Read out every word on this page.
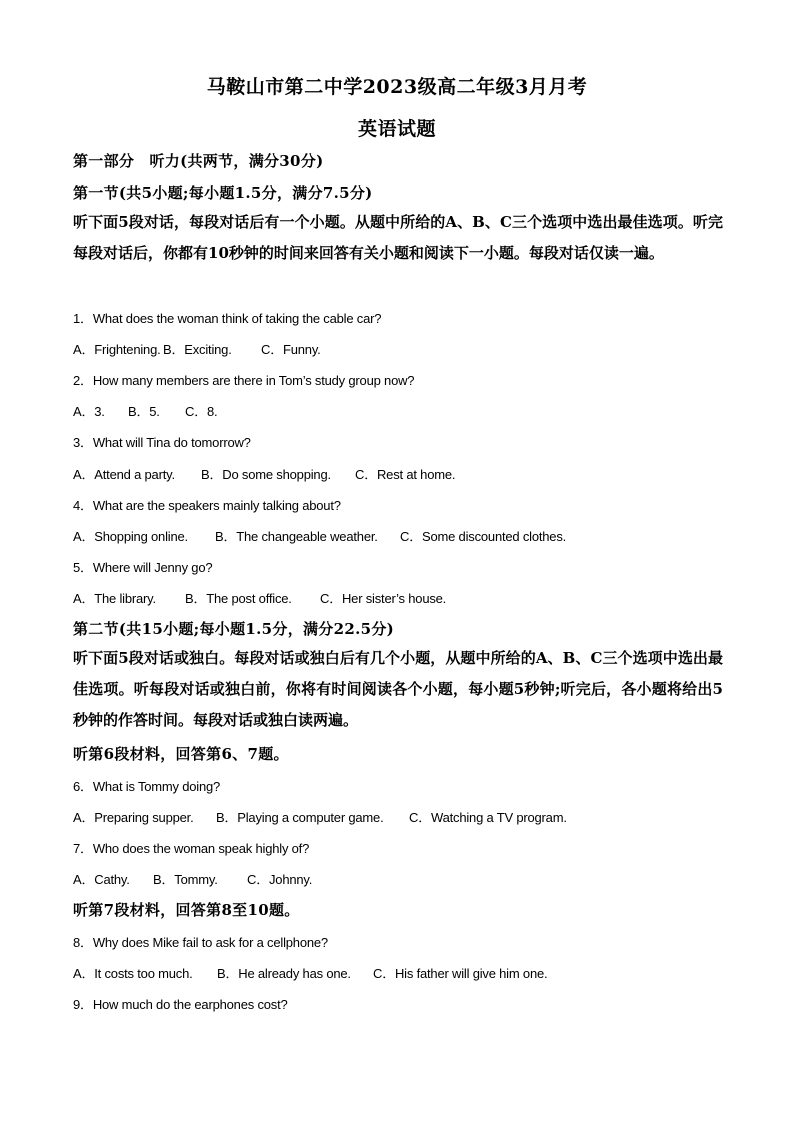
马鞍山市第二中学2023级高二年级3月月考
英语试题
第一部分　听力(共两节，满分30分)
第一节(共5小题;每小题1.5分，满分7.5分)
听下面5段对话，每段对话后有一个小题。从题中所给的A、B、C三个选项中选出最佳选项。听完每段对话后，你都有10秒钟的时间来回答有关小题和阅读下一小题。每段对话仅读一遍。
1．What does the woman think of taking the cable car?
A．Frightening. B．Exciting. C．Funny.
2．How many members are there in Tom’s study group now?
A．3. B．5. C．8.
3．What will Tina do tomorrow?
A．Attend a party. B．Do some shopping. C．Rest at home.
4．What are the speakers mainly talking about?
A．Shopping online. B．The changeable weather. C．Some discounted clothes.
5．Where will Jenny go?
A．The library. B．The post office. C．Her sister’s house.
第二节(共15小题;每小题1.5分，满分22.5分)
听下面5段对话或独白。每段对话或独白后有几个小题，从题中所给的A、B、C三个选项中选出最佳选项。听每段对话或独白前，你将有时间阅读各个小题，每小题5秒钟;听完后，各小题将给出5秒钟的作答时间。每段对话或独白读两遍。
听第6段材料，回答第6、7题。
6．What is Tommy doing?
A．Preparing supper. B．Playing a computer game. C．Watching a TV program.
7．Who does the woman speak highly of?
A．Cathy. B．Tommy. C．Johnny.
听第7段材料，回答第8至10题。
8．Why does Mike fail to ask for a cellphone?
A．It costs too much. B．He already has one. C．His father will give him one.
9．How much do the earphones cost?
